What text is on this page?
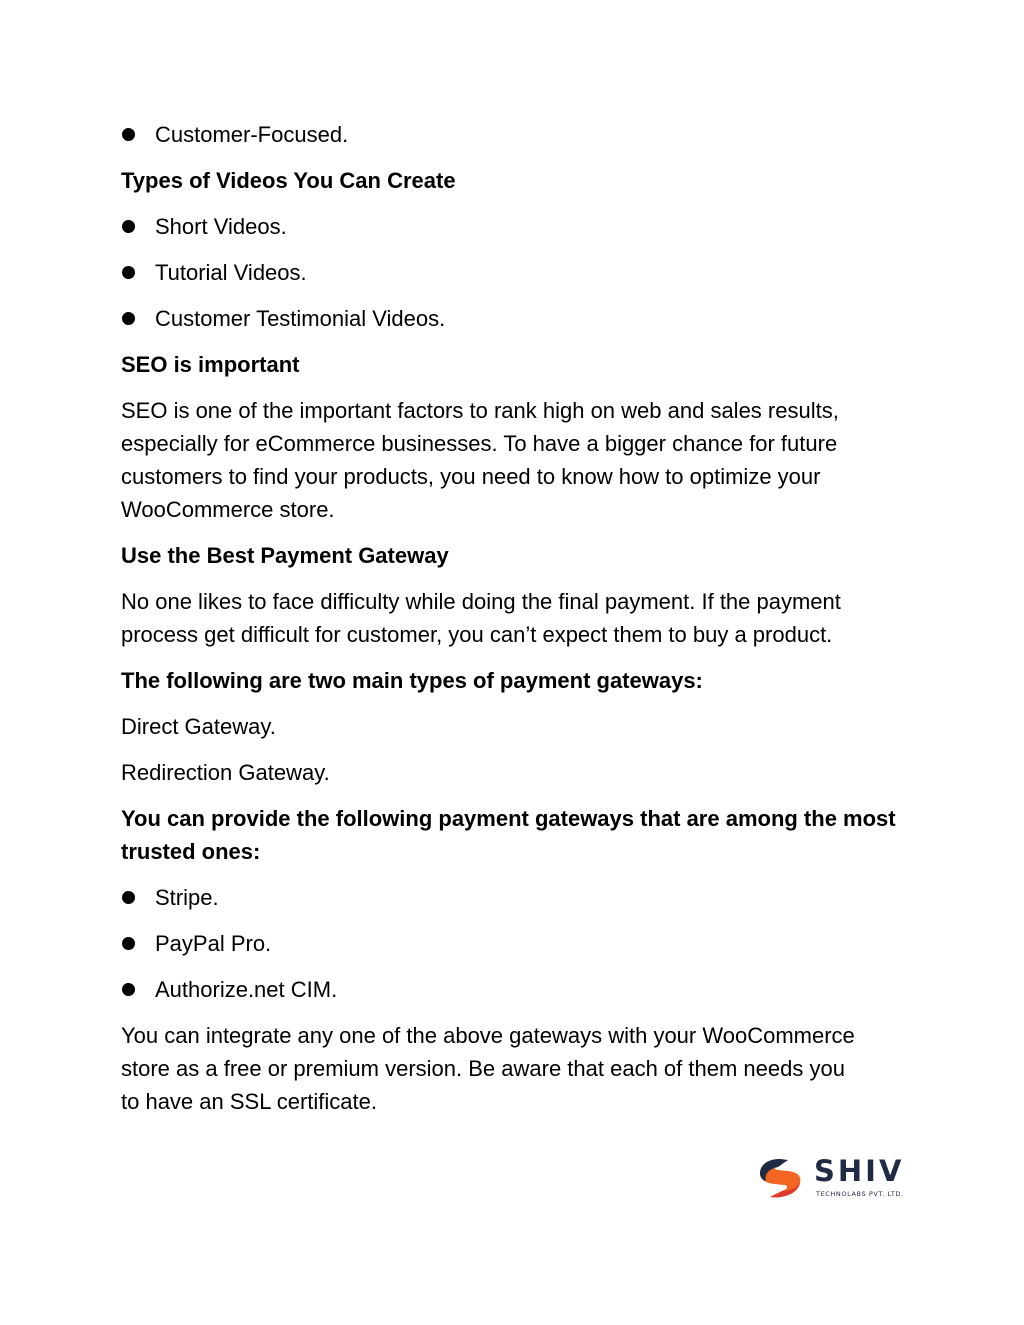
Customer-Focused.

Types of Videos You Can Create

Short Videos.

Tutorial Videos.

Customer Testimonial Videos.

SEO is important

SEO is one of the important factors to rank high on web and sales results,

especially for eCommerce businesses. To have a bigger chance for future

customers to find your products, you need to know how to optimize your

WooCommerce store.

Use the Best Payment Gateway

No one likes to face difficulty while doing the final payment. If the payment

process get difficult for customer, you can’t expect them to buy a product.

The following are two main types of payment gateways:

Direct Gateway.

Redirection Gateway.

You can provide the following payment gateways that are among the most

trusted ones:

Stripe.

PayPal Pro.

Authorize.net CIM.

You can integrate any one of the above gateways with your WooCommerce

store as a free or premium version. Be aware that each of them needs you

to have an SSL certificate.

SHIV
TECHNOLABS PVT. LTD.
